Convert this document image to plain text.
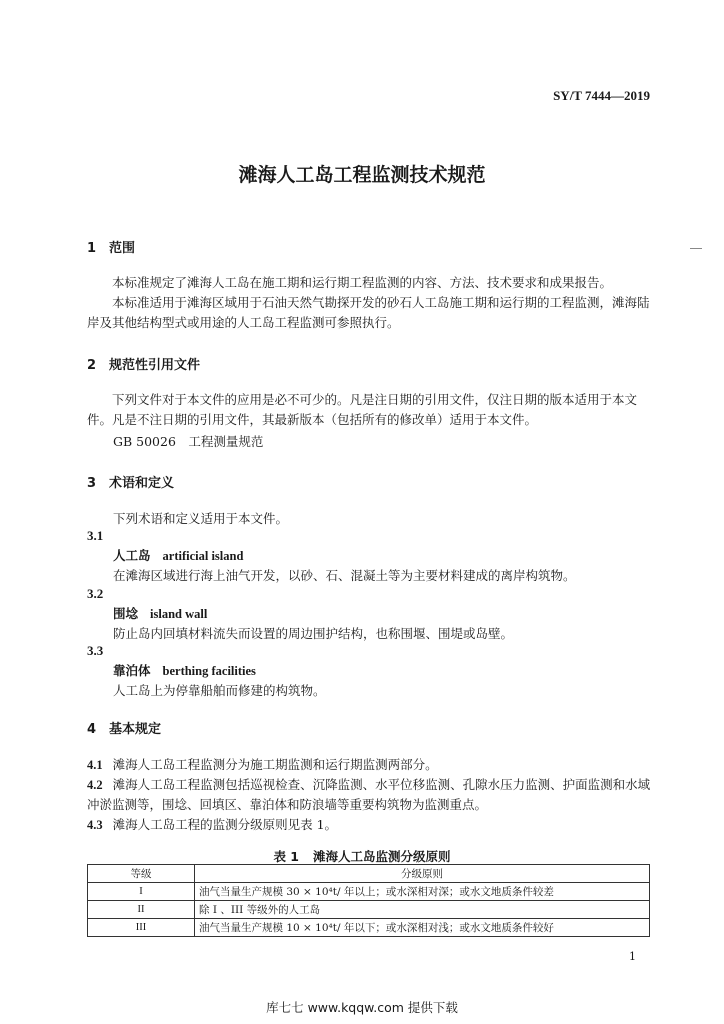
SY/T 7444—2019
滩海人工岛工程监测技术规范
1 范围
本标准规定了滩海人工岛在施工期和运行期工程监测的内容、方法、技术要求和成果报告。
本标准适用于滩海区域用于石油天然气勘探开发的砂石人工岛施工期和运行期的工程监测，滩海陆岸及其他结构型式或用途的人工岛工程监测可参照执行。
2 规范性引用文件
下列文件对于本文件的应用是必不可少的。凡是注日期的引用文件，仅注日期的版本适用于本文件。凡是不注日期的引用文件，其最新版本（包括所有的修改单）适用于本文件。
GB 50026　工程测量规范
3 术语和定义
下列术语和定义适用于本文件。
3.1
人工岛 artificial island
在滩海区域进行海上油气开发，以砂、石、混凝土等为主要材料建成的离岸构筑物。
3.2
围埝 island wall
防止岛内回填材料流失而设置的周边围护结构，也称围堰、围堤或岛壁。
3.3
靠泊体 berthing facilities
人工岛上为停靠船舶而修建的构筑物。
4 基本规定
4.1 滩海人工岛工程监测分为施工期监测和运行期监测两部分。
4.2 滩海人工岛工程监测包括巡视检查、沉降监测、水平位移监测、孔隙水压力监测、护面监测和水域冲淤监测等，围埝、回填区、靠泊体和防浪墙等重要构筑物为监测重点。
4.3 滩海人工岛工程的监测分级原则见表 1。
表 1 滩海人工岛监测分级原则
等级	分级原则
I	油气当量生产规模 30 × 10⁴t/ 年以上；或水深相对深；或水文地质条件较差
II	除 I 、III 等级外的人工岛
III	油气当量生产规模 10 × 10⁴t/ 年以下；或水深相对浅；或水文地质条件较好
1
库七七 www.kqqw.com 提供下载
